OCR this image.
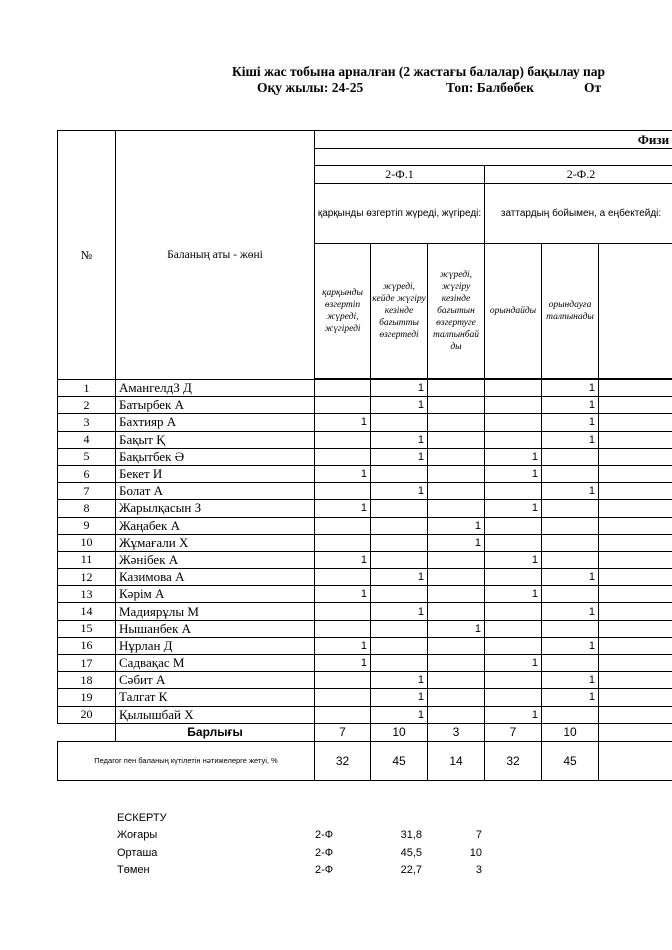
Кіші жас тобына арналған (2 жастағы балалар) бақылау пар
Оқу жылы: 24-25	Топ: Балбөбек	От
№	Баланың аты - жөні	Физи					

		2-Ф.1			2-Ф.2		
		қарқынды өзгертіп жүреді, жүгіреді:			заттардың бойымен, а еңбектейді:		
		қарқынды өзгертіп жүреді, жүгіреді	жүреді, кейде жүгіру кезінде бағытты өзгертеді	жүреді, жүгіру кезінде бағытын өзгертуге талпынбай ды	орындайды	орындауға талпынады	

1	АмангелдЗ Д		1			1	
2	Батырбек А		1			1	
3	Бахтияр А	1				1	
4	Бақыт Қ		1			1	
5	Бақытбек Ә		1		1		
6	Бекет И	1			1		
7	Болат А		1			1	
8	Жарылқасын З	1			1		
9	Жаңабек А			1			
10	Жұмағали Х			1			
11	Жәнібек А	1			1		
12	Казимова А		1			1	
13	Кәрім А	1			1		
14	Мадиярұлы М		1			1	
15	Нышанбек А			1			
16	Нұрлан Д	1				1	
17	Садвақас М	1			1		
18	Сәбит А		1			1	
19	Талгат К		1			1	
20	Қылышбай Х		1		1		
	Барлығы	7	10	3	7	10	
Педагог пен баланың күтілетін нәтижелерге жетуі, %		32	45	14	32	45	
ЕСКЕРТУ
Жоғары	2-Ф	31,8	7
Орташа	2-Ф	45,5	10
Төмен	2-Ф	22,7	3
